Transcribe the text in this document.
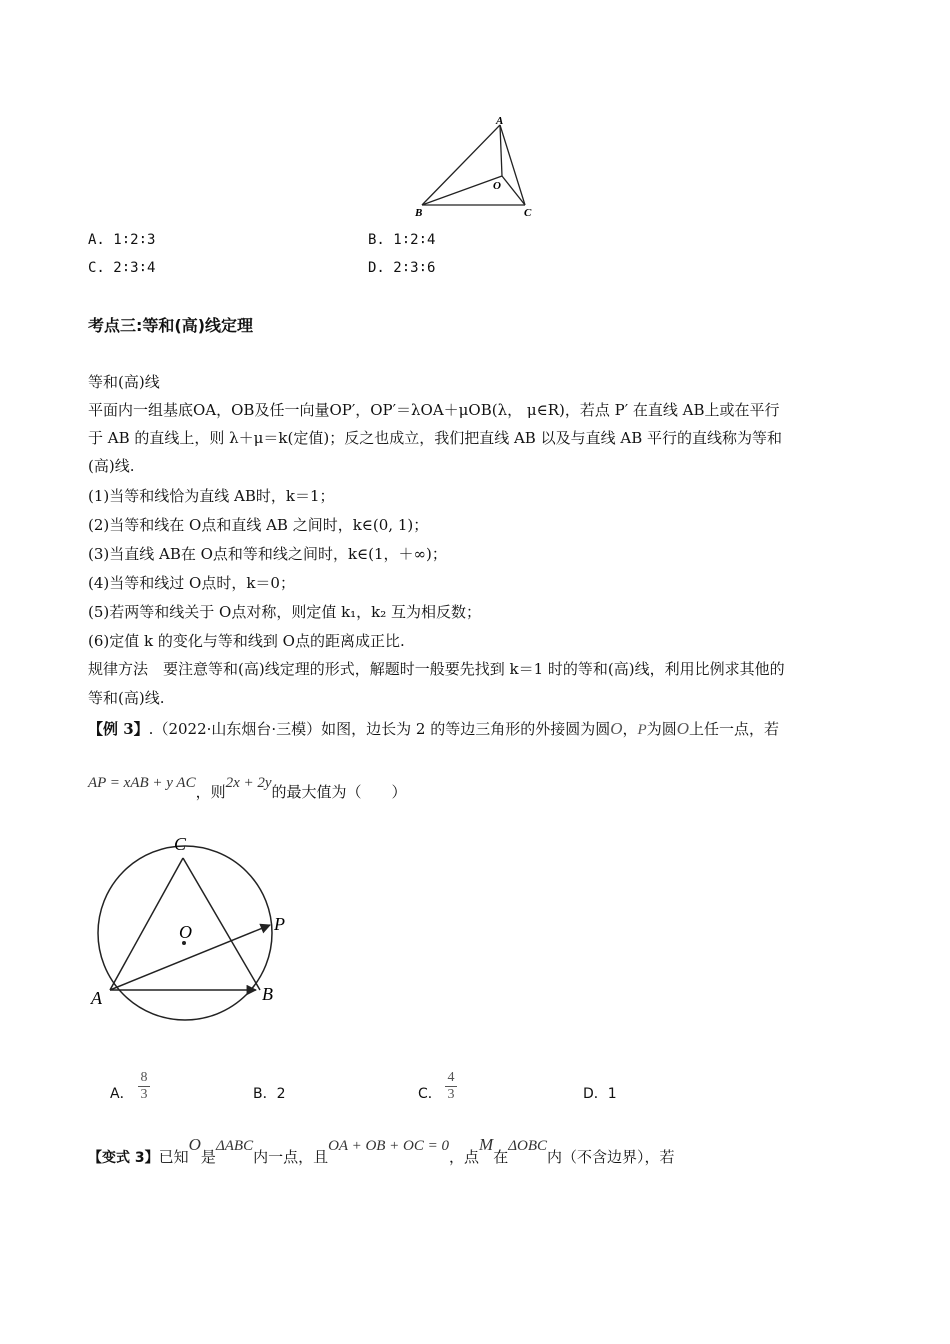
A
B	C
O
A. 1∶2∶3	B. 1∶2∶4
C. 2∶3∶4	D. 2∶3∶6
考点三:等和(高)线定理
等和(高)线
平面内一组基底OA，OB及任一向量OP′，OP′＝λOA＋μOB(λ， μ∈R)，若点 P′ 在直线 AB上或在平行
于 AB 的直线上，则 λ＋μ＝k(定值)；反之也成立，我们把直线 AB 以及与直线 AB 平行的直线称为等和
(高)线.
(1)当等和线恰为直线 AB时，k＝1；
(2)当等和线在 O点和直线 AB 之间时，k∈(0, 1)；
(3)当直线 AB在 O点和等和线之间时，k∈(1，＋∞)；
(4)当等和线过 O点时，k＝0；
(5)若两等和线关于 O点对称，则定值 k₁，k₂ 互为相反数；
(6)定值 k 的变化与等和线到 O点的距离成正比.
规律方法　要注意等和(高)线定理的形式，解题时一般要先找到 k＝1 时的等和(高)线，利用比例求其他的
等和(高)线.
【例 3】.（2022·山东烟台·三模）如图，边长为 2 的等边三角形的外接圆为圆O，P为圆O上任一点，若
AP = xAB + y AC，则2x + 2y的最大值为（　　）
C
O	P
A	B
A．
8
3	B．2	C．
4
3	D．1
【变式 3】已知O是ΔABC内一点，且OA + OB + OC = 0，点M在ΔOBC内（不含边界），若
